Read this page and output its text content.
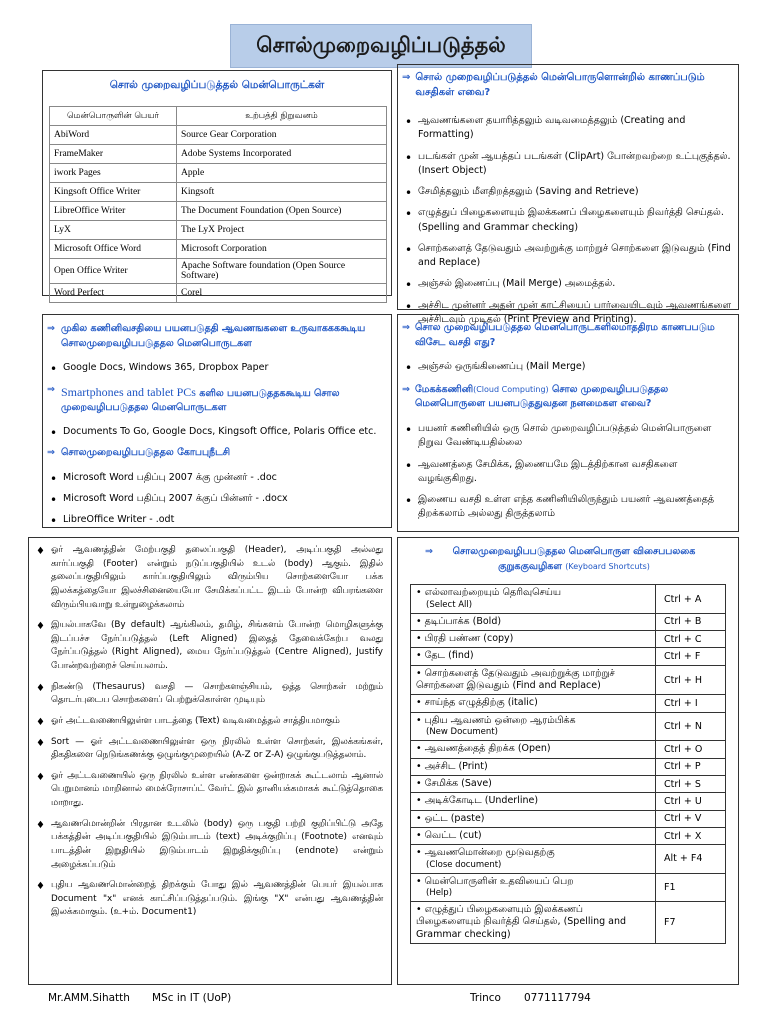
சொல்முறைவழிப்படுத்தல்
சொல் முறைவழிப்படுத்தல் மென்பொருட்கள்
மென்பொருளின் பெயர்	உற்பத்தி நிறுவனம்
AbiWord	Source Gear Corporation
FrameMaker	Adobe Systems Incorporated
iwork Pages	Apple
Kingsoft Office Writer	Kingsoft
LibreOffice Writer	The Document Foundation (Open Source)
LyX	The LyX Project
Microsoft Office Word	Microsoft Corporation
Open Office Writer	Apache Software foundation (Open Source Software)
Word Perfect	Corel
⇒ சொல் முறைவழிப்படுத்தல் மென்பொருளொன்றில் காணப்படும் வசதிகள் எவை?
• ஆவணங்களை தயாரித்தலும் வடிவமைத்தலும் (Creating and Formatting)
• படங்கள் முன் ஆயத்தப் படங்கள் (ClipArt) போன்றவற்றை உட்புகுத்தல். (Insert Object)
• சேமித்தலும் மீளதிறத்தலும் (Saving and Retrieve)
• எழுத்துப் பிழைகளையும் இலக்கணப் பிழைகளையும் நிவர்த்தி செய்தல். (Spelling and Grammar checking)
• சொற்களைத் தேடுவதும் அவற்றுக்கு மாற்றுச் சொற்களை இடுவதும் (Find and Replace)
• அஞ்சல் இணைப்பு (Mail Merge) அமைத்தல்.
• அச்சிட முன்னர் அதன் முன் காட்சியைப் பார்வையிடவும் ஆவணங்களை அச்சிடவும் முடிதல் (Print Preview and Printing).
⇒ முகில கணினிவசதியை பயனபடுததி ஆவணஙகளை உருவாககககூடிய சொலமுறைவழிபபடுததல மெனபொருடகள
• Google Docs, Windows 365, Dropbox Paper
⇒ Smartphones and tablet PCs களில பயனபடுததககூடிய சொல முறைவழிபபடுததல மெனபொருடகள
• Documents To Go, Google Docs, Kingsoft Office, Polaris Office etc.
⇒ சொலமுறைவழிபபடுததல கோபபுநீடசி
• Microsoft Word பதிப்பு 2007 க்கு முன்னர் - .doc
• Microsoft Word பதிப்பு 2007 க்குப் பின்னர் - .docx
• LibreOffice Writer - .odt
⇒ சொல முறைவழிபபடுததல மெனபொருடகளிலமாததிரம காணபபடும விசேட வசதி எது?
• அஞ்சல் ஒருங்கிணைப்பு (Mail Merge)
⇒ மேகக்கணினி(Cloud Computing) சொல முறைவழிபபடுததல மெனபொருளை பயனபடுததுவதன நனமைகள எவை?
• பயனர் கணினியில் ஒரு சொல் முறைவழிப்படுத்தல் மென்பொருளை நிறுவ வேண்டியதில்லை
• ஆவணத்தை சேமிக்க, இணையமே இடத்திற்கான வசதிகளை வழங்குகிறது.
• இணைய வசதி உள்ள எந்த கணினியிலிருந்தும் பயனர் ஆவணத்தைத் திறக்கலாம் அல்லது திருத்தலாம்
♦ ஓர் ஆவணத்தின் மேற்பகுதி தலைப்பகுதி (Header), அடிப்பகுதி அல்லது கார்ப்பகுதி (Footer) என்றும் நடுப்பகுதியில் உடல் (body) ஆகும். இதில் தலைப்பகுதியிலும் கார்ப்பகுதியிலும் விரும்பிய சொற்களையோ பக்க இலக்கத்தையோ இலச்சினையையோ சேமிக்கப்பட்ட இடம் போன்ற விபரங்களை விரும்பியவாறு உள்நுழைக்கலாம்
♦ இயல்பாகவே (By default) ஆங்கிலம், தமிழ், சிங்களம் போன்ற மொழிகளுக்கு இடப்பச்ச நேர்ப்படுத்தல் (Left Aligned) இதைத் தேவைக்கேற்ப வலது நேர்ப்படுத்தல் (Right Aligned), மைய நேர்ப்படுத்தல் (Centre Aligned), Justify போன்றவற்றைச் செய்யலாம்.
♦ நிகண்டு (Thesaurus) வசதி — சொற்களஞ்சியம், ஒத்த சொற்கள் மற்றும் தொடர்புடைய சொற்களைப் பெற்றுக்கொள்ள முடியும்
♦ ஓர் அட்டவணையிலுள்ள பாடத்தை (Text) வடிவமைத்தல் சாத்தியமாகும்
♦ Sort — ஓர் அட்டவணையிலுள்ள ஒரு நிரலில் உள்ள சொற்கள், இலக்கங்கள், திகதிகளை நெடுங்கணக்கு ஒழுங்குமுறையில் (A-Z or Z-A) ஒழுங்குபடுத்தலாம்.
♦ ஓர் அட்டவணையில் ஒரு நிரலில் உள்ள எண்களை ஒன்றாகக் கூட்டலாம் ஆனால் பெறுமானம் மாறினால் மைக்ரோசாப்ட் வேர்ட் இல் தானியக்கமாகக் கூட்டுத்தொகை மாறாது.
♦ ஆவணமொன்றின் பிரதான உடலில் (body) ஒரு பகுதி பற்றி குறிப்பிட்டு அதே பக்கத்தின் அடிப்பகுதியில் இடும்பாடம் (text) அடிக்குறிப்பு (Footnote) எனவும் பாடத்தின் இறுதியில் இடும்பாடம் இறுதிக்குறிப்பு (endnote) என்றும் அழைக்கப்படும்
♦ புதிய ஆவணமொன்றைத் திறக்கும் போது இல் ஆவணத்தின் பெயர் இயல்பாக Document "x" எனக் காட்சிப்படுத்தப்படும். இங்கு "X" என்பது ஆவணத்தின் இலக்கமாகும். (உ+ம். Document1)
⇒	சொலமுறைவழிபபடுததல மெனபொருள விசைபபலகை குறுககுவழிகள (Keyboard Shortcuts)
• எல்லாவற்றையும் தெரிவுசெய்ய
(Select All)	Ctrl + A
• தடிப்பாக்க (Bold)	Ctrl + B
• பிரதி பண்ண (copy)	Ctrl + C
• தேட (find)	Ctrl + F
• சொற்களைத் தேடுவதும் அவற்றுக்கு மாற்றுச் சொற்களை இடுவதும் (Find and Replace)	Ctrl + H
• சாய்ந்த எழுத்திற்கு (italic)	Ctrl + I
• புதிய ஆவணம் ஒன்றை ஆரம்பிக்க
(New Document)	Ctrl + N
• ஆவணத்தைத் திறக்க (Open)	Ctrl + O
• அச்சிட (Print)	Ctrl + P
• சேமிக்க (Save)	Ctrl + S
• அடிக்கோடிட (Underline)	Ctrl + U
• ஒட்ட (paste)	Ctrl + V
• வெட்ட (cut)	Ctrl + X
• ஆவணமொன்றை மூடுவதற்கு
(Close document)	Alt + F4
• மென்பொருளின் உதவியைப் பெற
(Help)	F1
• எழுத்துப் பிழைகளையும் இலக்கணப் பிழைகளையும் நிவர்த்தி செய்தல், (Spelling and Grammar checking)	F7
Mr.AMM.Sihatth MSc in IT (UoP)	Trinco 0771117794
